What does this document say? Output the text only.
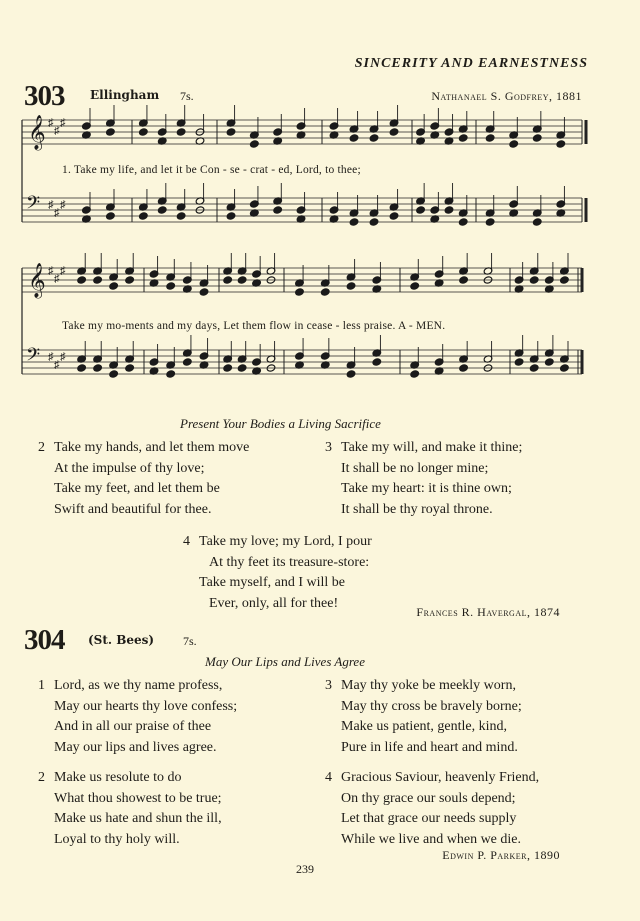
SINCERITY AND EARNESTNESS
303 Ellingham 7s.	Nathanael S. Godfrey, 1881
𝄞
𝄢
♯
♯
♯
♯
♯
♯
1. Take my life, and let it be Con - se - crat - ed, Lord, to thee;
𝄞
𝄢
♯
♯
♯
♯
♯
♯
Take my mo-ments and my days, Let them flow in cease - less praise. A - MEN.
Present Your Bodies a Living Sacrifice
2 Take my hands, and let them move
At the impulse of thy love;
Take my feet, and let them be
Swift and beautiful for thee.
3 Take my will, and make it thine;
It shall be no longer mine;
Take my heart: it is thine own;
It shall be thy royal throne.
4 Take my love; my Lord, I pour
At thy feet its treasure-store:
Take myself, and I will be
Ever, only, all for thee!
Frances R. Havergal, 1874
304 (St. Bees) 7s.
May Our Lips and Lives Agree
1 Lord, as we thy name profess,
May our hearts thy love confess;
And in all our praise of thee
May our lips and lives agree.
3 May thy yoke be meekly worn,
May thy cross be bravely borne;
Make us patient, gentle, kind,
Pure in life and heart and mind.
2 Make us resolute to do
What thou showest to be true;
Make us hate and shun the ill,
Loyal to thy holy will.
4 Gracious Saviour, heavenly Friend,
On thy grace our souls depend;
Let that grace our needs supply
While we live and when we die.
Edwin P. Parker, 1890
239
